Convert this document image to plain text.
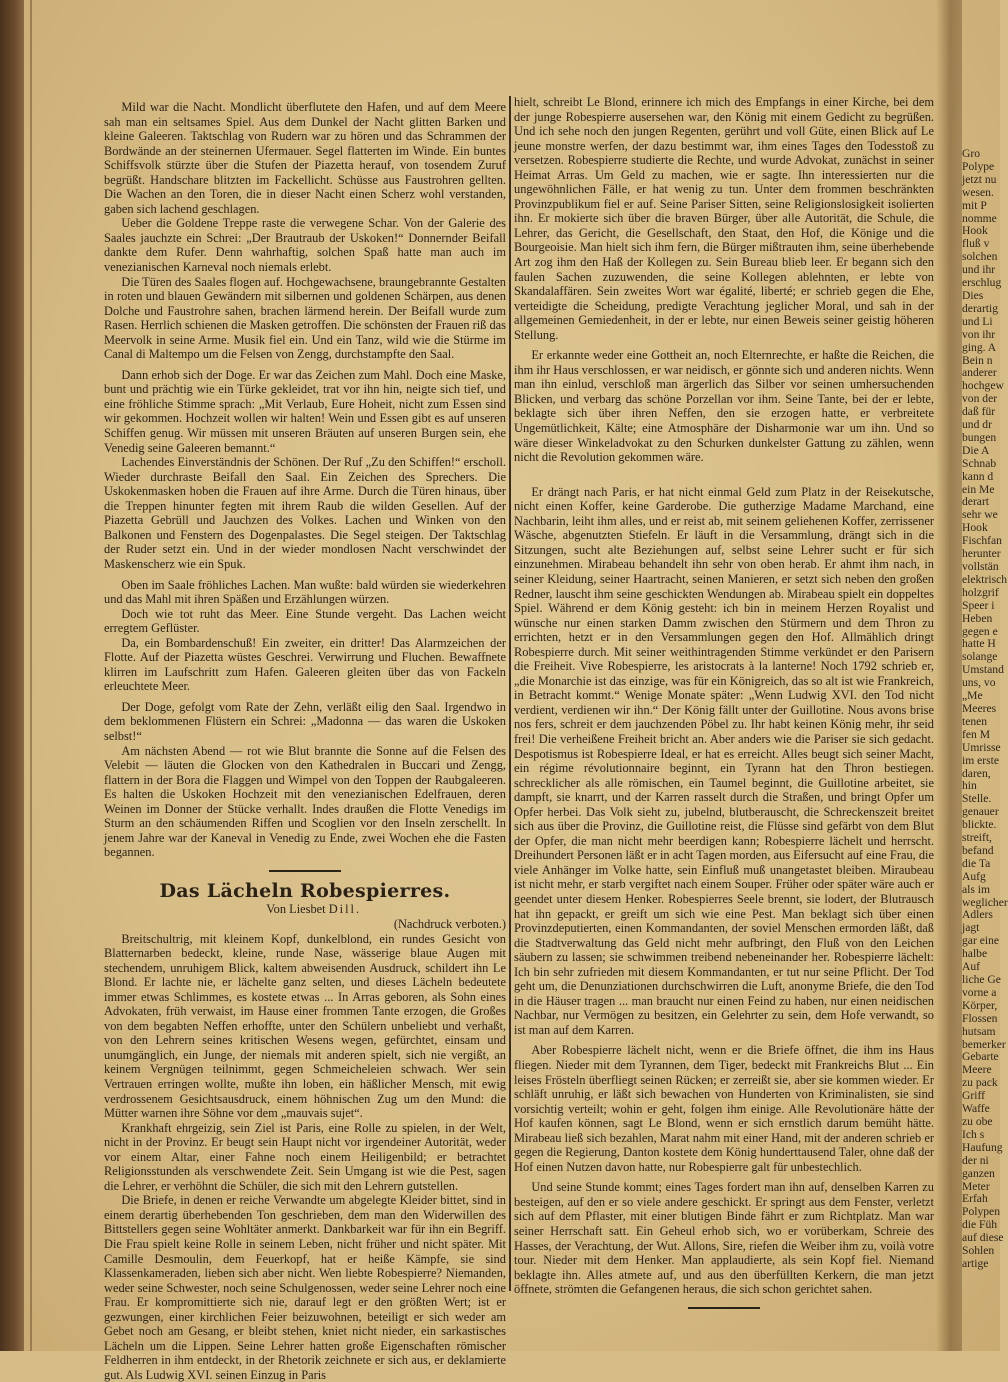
Mild war die Nacht. Mondlicht überflutete den Hafen, und auf dem Meere sah man ein seltsames Spiel. Aus dem Dunkel der Nacht glitten Barken und kleine Galeeren. Taktschlag von Rudern war zu hören und das Schrammen der Bordwände an der steinernen Ufermauer. Segel flatterten im Winde. Ein buntes Schiffsvolk stürzte über die Stufen der Piazetta herauf, von tosendem Zuruf begrüßt. Handschare blitzten im Fackellicht. Schüsse aus Faustrohren gellten. Die Wachen an den Toren, die in dieser Nacht einen Scherz wohl verstanden, gaben sich lachend geschlagen.

Ueber die Goldene Treppe raste die verwegene Schar. Von der Galerie des Saales jauchzte ein Schrei: „Der Brautraub der Uskoken!“ Donnernder Beifall dankte dem Rufer. Denn wahrhaftig, solchen Spaß hatte man auch im venezianischen Karneval noch niemals erlebt.

Die Türen des Saales flogen auf. Hochgewachsene, braungebrannte Gestalten in roten und blauen Gewändern mit silbernen und goldenen Schärpen, aus denen Dolche und Faustrohre sahen, brachen lärmend herein. Der Beifall wurde zum Rasen. Herrlich schienen die Masken getroffen. Die schönsten der Frauen riß das Meervolk in seine Arme. Musik fiel ein. Und ein Tanz, wild wie die Stürme im Canal di Maltempo um die Felsen von Zengg, durchstampfte den Saal.

Dann erhob sich der Doge. Er war das Zeichen zum Mahl. Doch eine Maske, bunt und prächtig wie ein Türke gekleidet, trat vor ihn hin, neigte sich tief, und eine fröhliche Stimme sprach: „Mit Verlaub, Eure Hoheit, nicht zum Essen sind wir gekommen. Hochzeit wollen wir halten! Wein und Essen gibt es auf unseren Schiffen genug. Wir müssen mit unseren Bräuten auf unseren Burgen sein, ehe Venedig seine Galeeren bemannt.“

Lachendes Einverständnis der Schönen. Der Ruf „Zu den Schiffen!“ erscholl. Wieder durchraste Beifall den Saal. Ein Zeichen des Sprechers. Die Uskokenmasken hoben die Frauen auf ihre Arme. Durch die Türen hinaus, über die Treppen hinunter fegten mit ihrem Raub die wilden Gesellen. Auf der Piazetta Gebrüll und Jauchzen des Volkes. Lachen und Winken von den Balkonen und Fenstern des Dogenpalastes. Die Segel steigen. Der Taktschlag der Ruder setzt ein. Und in der wieder mondlosen Nacht verschwindet der Maskenscherz wie ein Spuk.

Oben im Saale fröhliches Lachen. Man wußte: bald würden sie wiederkehren und das Mahl mit ihren Späßen und Erzählungen würzen.

Doch wie tot ruht das Meer. Eine Stunde vergeht. Das Lachen weicht erregtem Geflüster.

Da, ein Bombardenschuß! Ein zweiter, ein dritter! Das Alarmzeichen der Flotte. Auf der Piazetta wüstes Geschrei. Verwirrung und Fluchen. Bewaffnete klirren im Laufschritt zum Hafen. Galeeren gleiten über das von Fackeln erleuchtete Meer.

Der Doge, gefolgt vom Rate der Zehn, verläßt eilig den Saal. Irgendwo in dem beklommenen Flüstern ein Schrei: „Madonna — das waren die Uskoken selbst!“

Am nächsten Abend — rot wie Blut brannte die Sonne auf die Felsen des Velebit — läuten die Glocken von den Kathedralen in Buccari und Zengg, flattern in der Bora die Flaggen und Wimpel von den Toppen der Raubgaleeren. Es halten die Uskoken Hochzeit mit den venezianischen Edelfrauen, deren Weinen im Donner der Stücke verhallt. Indes draußen die Flotte Venedigs im Sturm an den schäumenden Riffen und Scoglien vor den Inseln zerschellt. In jenem Jahre war der Kaneval in Venedig zu Ende, zwei Wochen ehe die Fasten begannen.

Das Lächeln Robespierres.

Von Liesbet Dill.

(Nachdruck verboten.)

Breitschultrig, mit kleinem Kopf, dunkelblond, ein rundes Gesicht von Blatternarben bedeckt, kleine, runde Nase, wässerige blaue Augen mit stechendem, unruhigem Blick, kaltem abweisenden Ausdruck, schildert ihn Le Blond. Er lachte nie, er lächelte ganz selten, und dieses Lächeln bedeutete immer etwas Schlimmes, es kostete etwas ... In Arras geboren, als Sohn eines Advokaten, früh verwaist, im Hause einer frommen Tante erzogen, die Großes von dem begabten Neffen erhoffte, unter den Schülern unbeliebt und verhaßt, von den Lehrern seines kritischen Wesens wegen, gefürchtet, einsam und unumgänglich, ein Junge, der niemals mit anderen spielt, sich nie vergißt, an keinem Vergnügen teilnimmt, gegen Schmeicheleien schwach. Wer sein Vertrauen erringen wollte, mußte ihn loben, ein häßlicher Mensch, mit ewig verdrossenem Gesichtsausdruck, einem höhnischen Zug um den Mund: die Mütter warnen ihre Söhne vor dem „mauvais sujet“.

Krankhaft ehrgeizig, sein Ziel ist Paris, eine Rolle zu spielen, in der Welt, nicht in der Provinz. Er beugt sein Haupt nicht vor irgendeiner Autorität, weder vor einem Altar, einer Fahne noch einem Heiligenbild; er betrachtet Religionsstunden als verschwendete Zeit. Sein Umgang ist wie die Pest, sagen die Lehrer, er verhöhnt die Schüler, die sich mit den Lehrern gutstellen.

Die Briefe, in denen er reiche Verwandte um abgelegte Kleider bittet, sind in einem derartig überhebenden Ton geschrieben, dem man den Widerwillen des Bittstellers gegen seine Wohltäter anmerkt. Dankbarkeit war für ihn ein Begriff. Die Frau spielt keine Rolle in seinem Leben, nicht früher und nicht später. Mit Camille Desmoulin, dem Feuerkopf, hat er heiße Kämpfe, sie sind Klassenkameraden, lieben sich aber nicht. Wen liebte Robespierre? Niemanden, weder seine Schwester, noch seine Schulgenossen, weder seine Lehrer noch eine Frau. Er kompromittierte sich nie, darauf legt er den größten Wert; ist er gezwungen, einer kirchlichen Feier beizuwohnen, beteiligt er sich weder am Gebet noch am Gesang, er bleibt stehen, kniet nicht nieder, ein sarkastisches Lächeln um die Lippen. Seine Lehrer hatten große Eigenschaften römischer Feldherren in ihm entdeckt, in der Rhetorik zeichnete er sich aus, er deklamierte gut. Als Ludwig XVI. seinen Einzug in Paris

hielt, schreibt Le Blond, erinnere ich mich des Empfangs in einer Kirche, bei dem der junge Robespierre ausersehen war, den König mit einem Gedicht zu begrüßen. Und ich sehe noch den jungen Regenten, gerührt und voll Güte, einen Blick auf Le jeune monstre werfen, der dazu bestimmt war, ihm eines Tages den Todesstoß zu versetzen. Robespierre studierte die Rechte, und wurde Advokat, zunächst in seiner Heimat Arras. Um Geld zu machen, wie er sagte. Ihn interessierten nur die ungewöhnlichen Fälle, er hat wenig zu tun. Unter dem frommen beschränkten Provinzpublikum fiel er auf. Seine Pariser Sitten, seine Religionslosigkeit isolierten ihn. Er mokierte sich über die braven Bürger, über alle Autorität, die Schule, die Lehrer, das Gericht, die Gesellschaft, den Staat, den Hof, die Könige und die Bourgeoisie. Man hielt sich ihm fern, die Bürger mißtrauten ihm, seine überhebende Art zog ihm den Haß der Kollegen zu. Sein Bureau blieb leer. Er begann sich den faulen Sachen zuzuwenden, die seine Kollegen ablehnten, er lebte von Skandalaffären. Sein zweites Wort war égalité, liberté; er schrieb gegen die Ehe, verteidigte die Scheidung, predigte Verachtung jeglicher Moral, und sah in der allgemeinen Gemiedenheit, in der er lebte, nur einen Beweis seiner geistig höheren Stellung.

Er erkannte weder eine Gottheit an, noch Elternrechte, er haßte die Reichen, die ihm ihr Haus verschlossen, er war neidisch, er gönnte sich und anderen nichts. Wenn man ihn einlud, verschloß man ärgerlich das Silber vor seinen umhersuchenden Blicken, und verbarg das schöne Porzellan vor ihm. Seine Tante, bei der er lebte, beklagte sich über ihren Neffen, den sie erzogen hatte, er verbreitete Ungemütlichkeit, Kälte; eine Atmosphäre der Disharmonie war um ihn. Und so wäre dieser Winkeladvokat zu den Schurken dunkelster Gattung zu zählen, wenn nicht die Revolution gekommen wäre.

Er drängt nach Paris, er hat nicht einmal Geld zum Platz in der Reisekutsche, nicht einen Koffer, keine Garderobe. Die gutherzige Madame Marchand, eine Nachbarin, leiht ihm alles, und er reist ab, mit seinem geliehenen Koffer, zerrissener Wäsche, abgenutzten Stiefeln. Er läuft in die Versammlung, drängt sich in die Sitzungen, sucht alte Beziehungen auf, selbst seine Lehrer sucht er für sich einzunehmen. Mirabeau behandelt ihn sehr von oben herab. Er ahmt ihm nach, in seiner Kleidung, seiner Haartracht, seinen Manieren, er setzt sich neben den großen Redner, lauscht ihm seine geschickten Wendungen ab. Mirabeau spielt ein doppeltes Spiel. Während er dem König gesteht: ich bin in meinem Herzen Royalist und wünsche nur einen starken Damm zwischen den Stürmern und dem Thron zu errichten, hetzt er in den Versammlungen gegen den Hof. Allmählich dringt Robespierre durch. Mit seiner weithintragenden Stimme verkündet er den Parisern die Freiheit. Vive Robespierre, les aristocrats à la lanterne! Noch 1792 schrieb er, „die Monarchie ist das einzige, was für ein Königreich, das so alt ist wie Frankreich, in Betracht kommt.“ Wenige Monate später: „Wenn Ludwig XVI. den Tod nicht verdient, verdienen wir ihn.“ Der König fällt unter der Guillotine. Nous avons brise nos fers, schreit er dem jauchzenden Pöbel zu. Ihr habt keinen König mehr, ihr seid frei! Die verheißene Freiheit bricht an. Aber anders wie die Pariser sie sich gedacht. Despotismus ist Robespierre Ideal, er hat es erreicht. Alles beugt sich seiner Macht, ein régime révolutionnaire beginnt, ein Tyrann hat den Thron bestiegen. schrecklicher als alle römischen, ein Taumel beginnt, die Guillotine arbeitet, sie dampft, sie knarrt, und der Karren rasselt durch die Straßen, und bringt Opfer um Opfer herbei. Das Volk sieht zu, jubelnd, blutberauscht, die Schreckenszeit breitet sich aus über die Provinz, die Guillotine reist, die Flüsse sind gefärbt von dem Blut der Opfer, die man nicht mehr beerdigen kann; Robespierre lächelt und herrscht. Dreihundert Personen läßt er in acht Tagen morden, aus Eifersucht auf eine Frau, die viele Anhänger im Volke hatte, sein Einfluß muß unangetastet bleiben. Miraubeau ist nicht mehr, er starb vergiftet nach einem Souper. Früher oder später wäre auch er geendet unter diesem Henker. Robespierres Seele brennt, sie lodert, der Blutrausch hat ihn gepackt, er greift um sich wie eine Pest. Man beklagt sich über einen Provinzdeputierten, einen Kommandanten, der soviel Menschen ermorden läßt, daß die Stadtverwaltung das Geld nicht mehr aufbringt, den Fluß von den Leichen säubern zu lassen; sie schwimmen treibend nebeneinander her. Robespierre lächelt: Ich bin sehr zufrieden mit diesem Kommandanten, er tut nur seine Pflicht. Der Tod geht um, die Denunziationen durchschwirren die Luft, anonyme Briefe, die den Tod in die Häuser tragen ... man braucht nur einen Feind zu haben, nur einen neidischen Nachbar, nur Vermögen zu besitzen, ein Gelehrter zu sein, dem Hofe verwandt, so ist man auf dem Karren.

Aber Robespierre lächelt nicht, wenn er die Briefe öffnet, die ihm ins Haus fliegen. Nieder mit dem Tyrannen, dem Tiger, bedeckt mit Frankreichs Blut ... Ein leises Frösteln überfliegt seinen Rücken; er zerreißt sie, aber sie kommen wieder. Er schläft unruhig, er läßt sich bewachen von Hunderten von Kriminalisten, sie sind vorsichtig verteilt; wohin er geht, folgen ihm einige. Alle Revolutionäre hätte der Hof kaufen können, sagt Le Blond, wenn er sich ernstlich darum bemüht hätte. Mirabeau ließ sich bezahlen, Marat nahm mit einer Hand, mit der anderen schrieb er gegen die Regierung, Danton kostete dem König hunderttausend Taler, ohne daß der Hof einen Nutzen davon hatte, nur Robespierre galt für unbestechlich.

Und seine Stunde kommt; eines Tages fordert man ihn auf, denselben Karren zu besteigen, auf den er so viele andere geschickt. Er springt aus dem Fenster, verletzt sich auf dem Pflaster, mit einer blutigen Binde fährt er zum Richtplatz. Man war seiner Herrschaft satt. Ein Geheul erhob sich, wo er vorüberkam, Schreie des Hasses, der Verachtung, der Wut. Allons, Sire, riefen die Weiber ihm zu, voilà votre tour. Nieder mit dem Henker. Man applaudierte, als sein Kopf fiel. Niemand beklagte ihn. Alles atmete auf, und aus den überfüllten Kerkern, die man jetzt öffnete, strömten die Gefangenen heraus, die sich schon gerichtet sahen.

Gro
Polype
jetzt nu
wesen.
mit P
nomme
Hook
fluß v
solchen
und ihr
erschlug
Dies
derartig
und Li
von ihr
ging. A
Bein n
anderer
hochgew
von der
daß für
und dr
bungen
Die A
Schnab
kann d
ein Me
derart
sehr we
Hook
Fischfan
herunter
vollstän
elektrisch
holzgrif
Speer i
Heben
gegen e
hatte H
solange
Umstand
uns, vo
„Me
Meeres
tenen
fen M
Umrisse
im erste
daren,
hin
Stelle.
genauer
blickte.
streift,
befand
die Ta
Aufg
als im
weglicher
Adlers
jagt
gar eine
halbe
Auf
liche Ge
vorne a
Körper,
Flossen
hutsam
bemerker
Gebarte
Meere
zu pack
Griff
Waffe
zu obe
Ich s
Haufung
der ni
ganzen
Meter
Erfah
Polypen
die Füh
auf diese
Sohlen
artige
